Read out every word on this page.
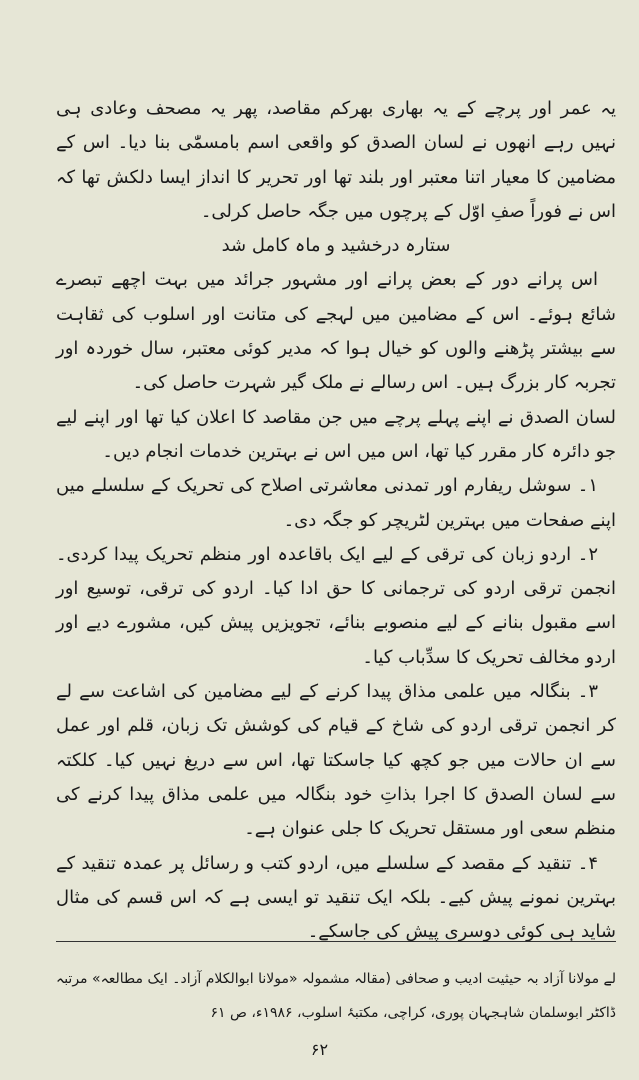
یہ عمر اور پرچے کے یہ بھاری بھرکم مقاصد، پھر یہ مصحف وعادی ہی نہیں رہے انھوں نے لسان الصدق کو واقعی اسم بامسمّٰی بنا دیا۔ اس کے مضامین کا معیار اتنا معتبر اور بلند تھا اور تحریر کا انداز ایسا دلکش تھا کہ اس نے فوراً صفِ اوّل کے پرچوں میں جگہ حاصل کرلی۔

ستارہ درخشید و ماہ کامل شد

اس پرانے دور کے بعض پرانے اور مشہور جرائد میں بہت اچھے تبصرے شائع ہوئے۔ اس کے مضامین میں لہجے کی متانت اور اسلوب کی ثقاہت سے بیشتر پڑھنے والوں کو خیال ہوا کہ مدیر کوئی معتبر، سال خوردہ اور تجربہ کار بزرگ ہیں۔ اس رسالے نے ملک گیر شہرت حاصل کی۔

لسان الصدق نے اپنے پہلے پرچے میں جن مقاصد کا اعلان کیا تھا اور اپنے لیے جو دائرہ کار مقرر کیا تھا، اس میں اس نے بہترین خدمات انجام دیں۔

۱۔ سوشل ریفارم اور تمدنی معاشرتی اصلاح کی تحریک کے سلسلے میں اپنے صفحات میں بہترین لٹریچر کو جگہ دی۔

۲۔ اردو زبان کی ترقی کے لیے ایک باقاعدہ اور منظم تحریک پیدا کردی۔ انجمن ترقی اردو کی ترجمانی کا حق ادا کیا۔ اردو کی ترقی، توسیع اور اسے مقبول بنانے کے لیے منصوبے بنائے، تجویزیں پیش کیں، مشورے دیے اور اردو مخالف تحریک کا سدِّباب کیا۔

۳۔ بنگالہ میں علمی مذاق پیدا کرنے کے لیے مضامین کی اشاعت سے لے کر انجمن ترقی اردو کی شاخ کے قیام کی کوشش تک زبان، قلم اور عمل سے ان حالات میں جو کچھ کیا جاسکتا تھا، اس سے دریغ نہیں کیا۔ کلکتہ سے لسان الصدق کا اجرا بذاتِ خود بنگالہ میں علمی مذاق پیدا کرنے کی منظم سعی اور مستقل تحریک کا جلی عنوان ہے۔

۴۔ تنقید کے مقصد کے سلسلے میں، اردو کتب و رسائل پر عمدہ تنقید کے بہترین نمونے پیش کیے۔ بلکہ ایک تنقید تو ایسی ہے کہ اس قسم کی مثال شاید ہی کوئی دوسری پیش کی جاسکے۔

لے مولانا آزاد بہ حیثیت ادیب و صحافی (مقالہ مشمولہ «مولانا ابوالکلام آزاد۔ ایک مطالعہ» مرتبہ ڈاکٹر ابوسلمان شاہجہان پوری، کراچی، مکتبۂ اسلوب، ۱۹۸۶ء، ص ۶۱

۶۲
